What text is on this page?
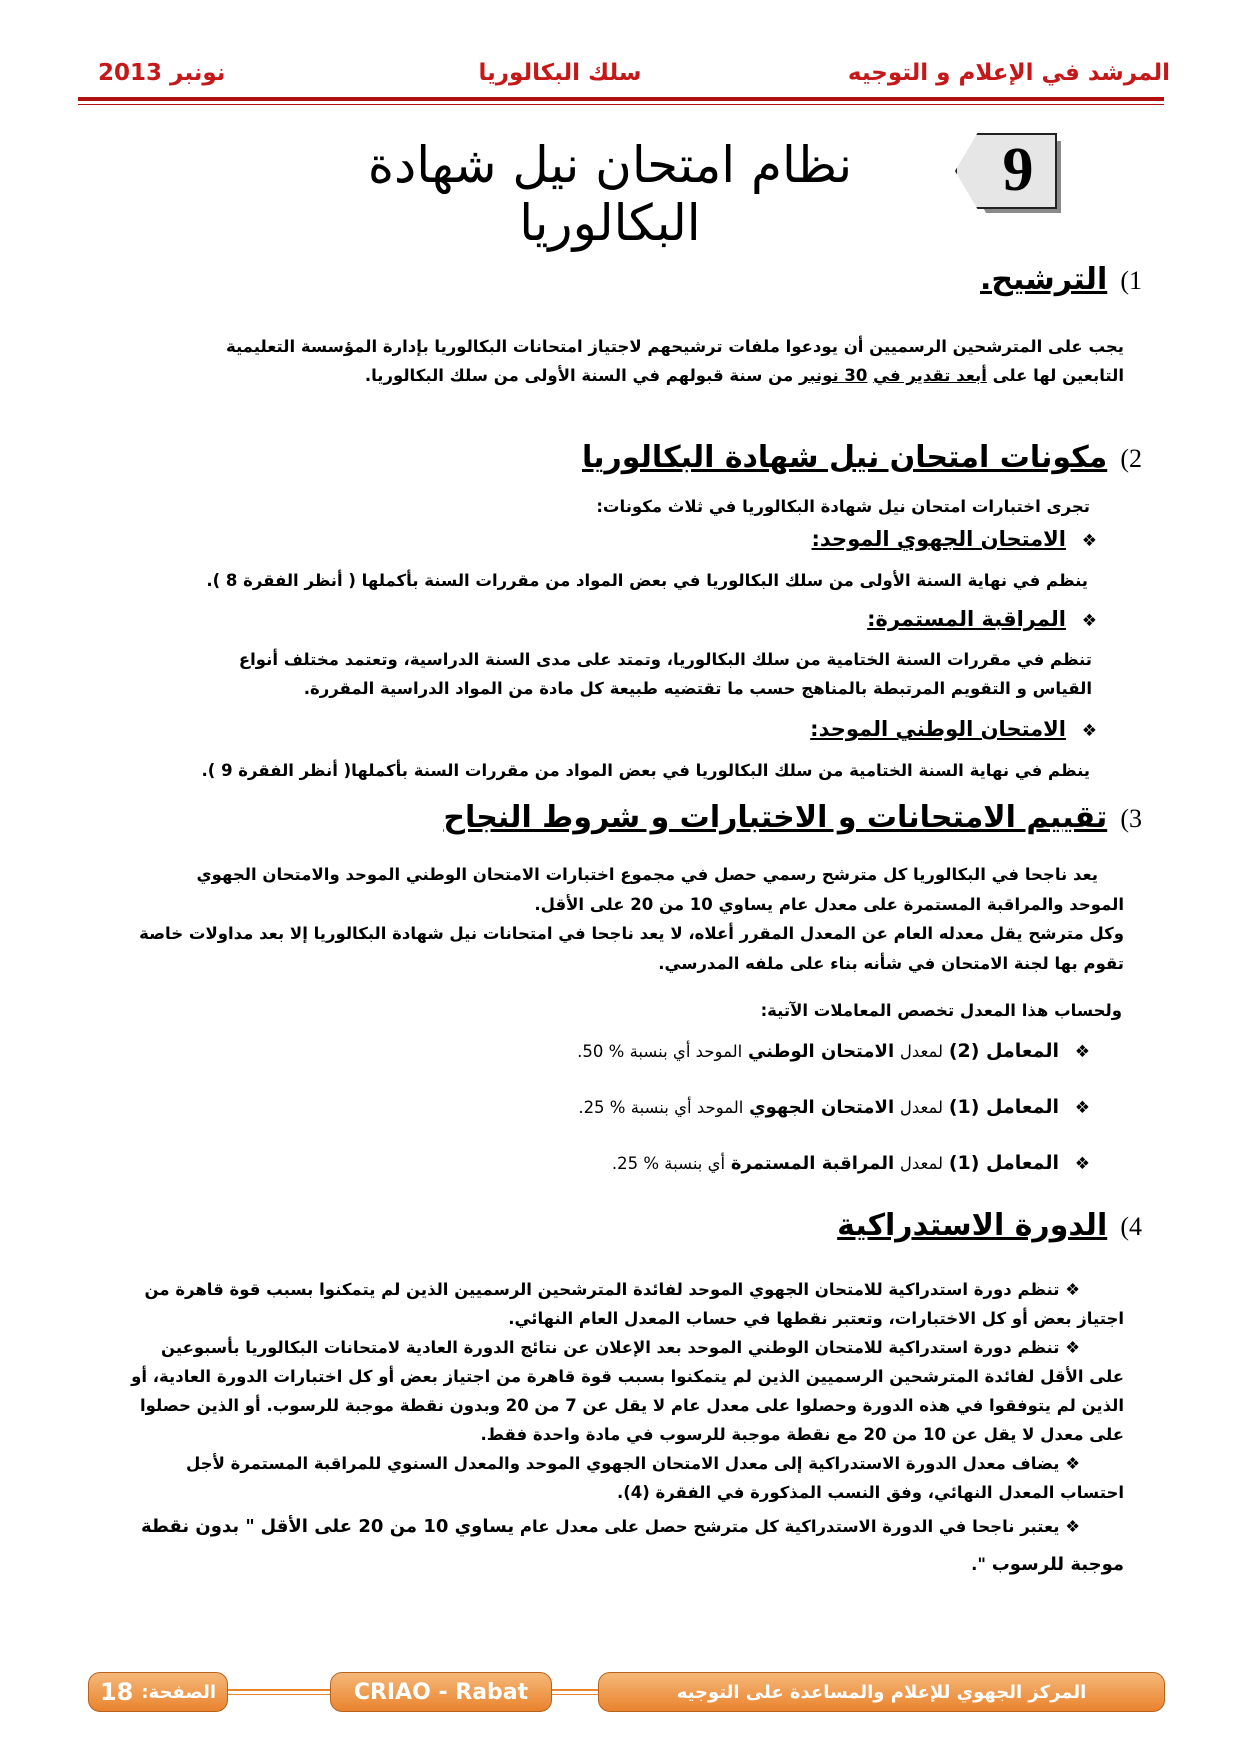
المرشد في الإعلام و التوجيه
سلك البكالوريا
نونبر 2013
9
نظام امتحان نيل شهادة البكالوريا
1) الترشيح.
يجب على المترشحين الرسميين أن يودعوا ملفات ترشيحهم لاجتياز امتحانات البكالوريا بإدارة المؤسسة التعليمية
التابعين لها على أبعد تقدير في 30 نونبر من سنة قبولهم في السنة الأولى من سلك البكالوريا.
2) مكونات امتحان نيل شهادة البكالوريا
تجرى اختبارات امتحان نيل شهادة البكالوريا في ثلاث مكونات:
❖ الامتحان الجهوي الموحد:
ينظم في نهاية السنة الأولى من سلك البكالوريا في بعض المواد من مقررات السنة بأكملها ( أنظر الفقرة 8 ).
❖ المراقبة المستمرة:
تنظم في مقررات السنة الختامية من سلك البكالوريا، وتمتد على مدى السنة الدراسية، وتعتمد مختلف أنواع
القياس و التقويم المرتبطة بالمناهج حسب ما تقتضيه طبيعة كل مادة من المواد الدراسية المقررة.
❖ الامتحان الوطني الموحد:
ينظم في نهاية السنة الختامية من سلك البكالوريا في بعض المواد من مقررات السنة بأكملها( أنظر الفقرة 9 ).
3) تقييم الامتحانات و الاختبارات و شروط النجاح
يعد ناجحا في البكالوريا كل مترشح رسمي حصل في مجموع اختبارات الامتحان الوطني الموحد والامتحان الجهوي
الموحد والمراقبة المستمرة على معدل عام يساوي 10 من 20 على الأقل.
وكل مترشح يقل معدله العام عن المعدل المقرر أعلاه، لا يعد ناجحا في امتحانات نيل شهادة البكالوريا إلا بعد مداولات خاصة
تقوم بها لجنة الامتحان في شأنه بناء على ملفه المدرسي.
ولحساب هذا المعدل تخصص المعاملات الآتية:
❖ المعامل (2) لمعدل الامتحان الوطني الموحد أي بنسبة % 50.
❖ المعامل (1) لمعدل الامتحان الجهوي الموحد أي بنسبة % 25.
❖ المعامل (1) لمعدل المراقبة المستمرة أي بنسبة % 25.
4) الدورة الاستدراكية
❖ تنظم دورة استدراكية للامتحان الجهوي الموحد لفائدة المترشحين الرسميين الذين لم يتمكنوا بسبب قوة قاهرة من
اجتياز بعض أو كل الاختبارات، وتعتبر نقطها في حساب المعدل العام النهائي.
❖ تنظم دورة استدراكية للامتحان الوطني الموحد بعد الإعلان عن نتائج الدورة العادية لامتحانات البكالوريا بأسبوعين
على الأقل لفائدة المترشحين الرسميين الذين لم يتمكنوا بسبب قوة قاهرة من اجتياز بعض أو كل اختبارات الدورة العادية، أو
الذين لم يتوفقوا في هذه الدورة وحصلوا على معدل عام لا يقل عن 7 من 20 وبدون نقطة موجبة للرسوب. أو الذين حصلوا
على معدل لا يقل عن 10 من 20 مع نقطة موجبة للرسوب في مادة واحدة فقط.
❖ يضاف معدل الدورة الاستدراكية إلى معدل الامتحان الجهوي الموحد والمعدل السنوي للمراقبة المستمرة لأجل
احتساب المعدل النهائي، وفق النسب المذكورة في الفقرة (4).
❖ يعتبر ناجحا في الدورة الاستدراكية كل مترشح حصل على معدل عام يساوي 10 من 20 على الأقل " بدون نقطة
موجبة للرسوب ".
الصفحة:
18	CRIAO - Rabat	المركز الجهوي للإعلام والمساعدة على التوجيه
